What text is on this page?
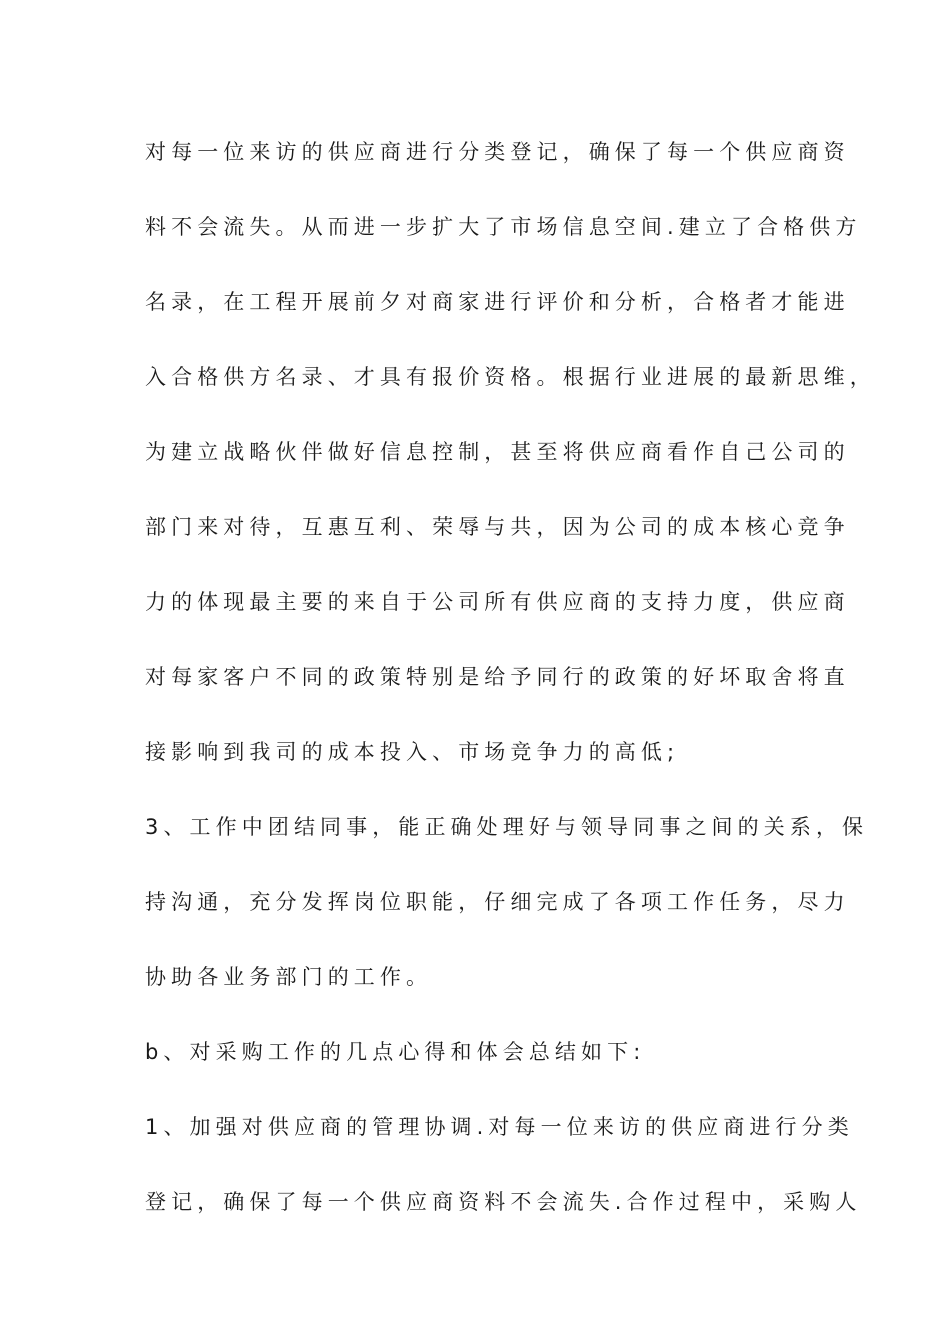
对每一位来访的供应商进行分类登记，确保了每一个供应商资

料不会流失。从而进一步扩大了市场信息空间.建立了合格供方

名录，在工程开展前夕对商家进行评价和分析，合格者才能进

入合格供方名录、才具有报价资格。根据行业进展的最新思维，

为建立战略伙伴做好信息控制，甚至将供应商看作自己公司的

部门来对待，互惠互利、荣辱与共，因为公司的成本核心竞争

力的体现最主要的来自于公司所有供应商的支持力度，供应商

对每家客户不同的政策特别是给予同行的政策的好坏取舍将直

接影响到我司的成本投入、市场竞争力的高低;

3、工作中团结同事，能正确处理好与领导同事之间的关系，保

持沟通，充分发挥岗位职能，仔细完成了各项工作任务，尽力

协助各业务部门的工作。

b、对采购工作的几点心得和体会总结如下:

1、加强对供应商的管理协调.对每一位来访的供应商进行分类

登记，确保了每一个供应商资料不会流失.合作过程中，采购人
